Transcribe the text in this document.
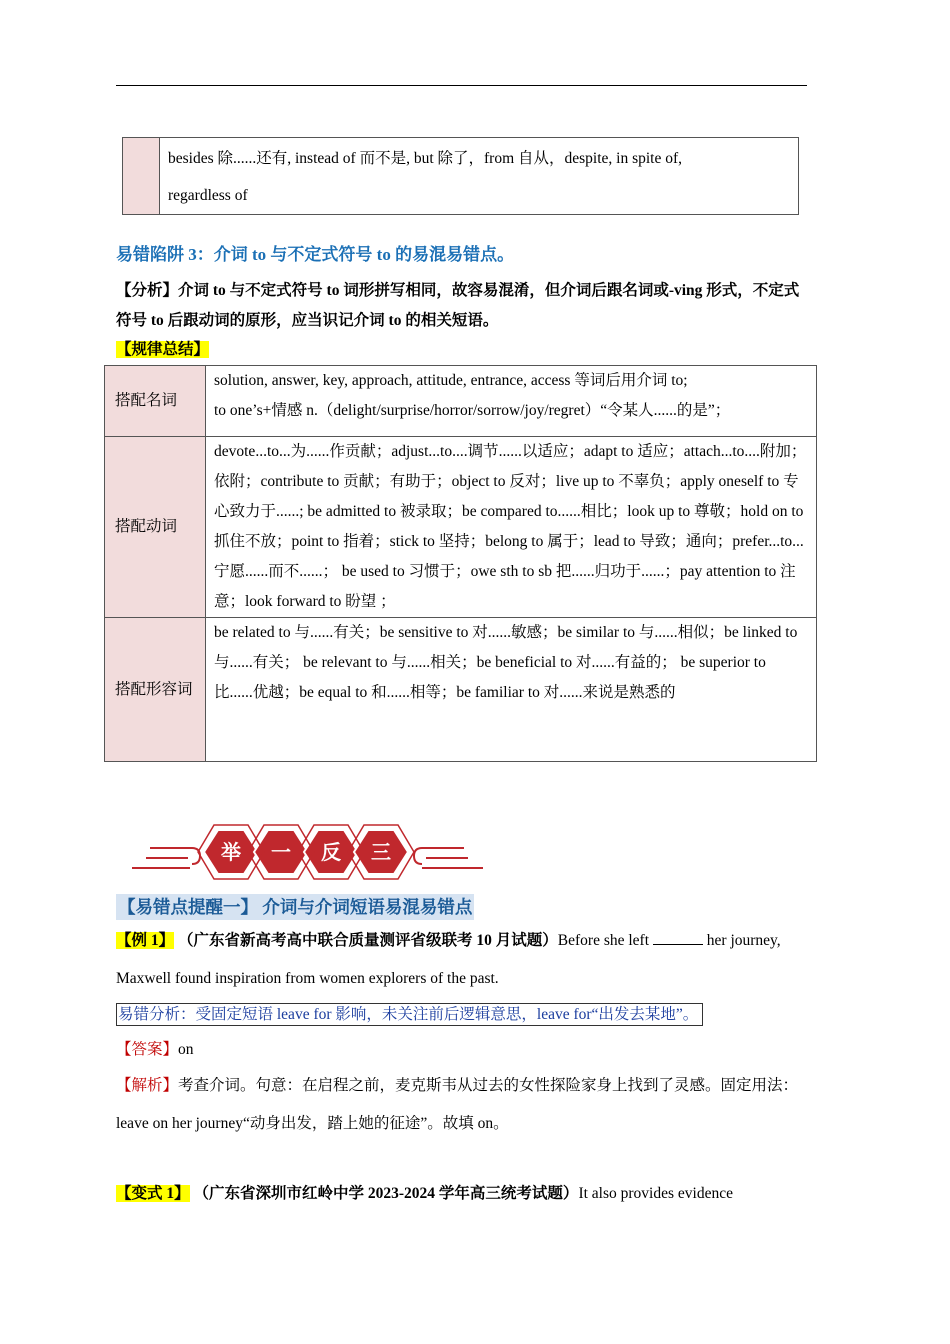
besides 除......还有, instead of 而不是, but 除了，from 自从，despite, in spite of,
regardless of
易错陷阱 3：介词 to 与不定式符号 to 的易混易错点。
【分析】介词 to 与不定式符号 to 词形拼写相同，故容易混淆，但介词后跟名词或-ving 形式，不定式符号 to 后跟动词的原形，应当识记介词 to 的相关短语。
【规律总结】
搭配名词	solution, answer, key, approach, attitude, entrance, access 等词后用介词 to;
to one’s+情感 n.（delight/surprise/horror/sorrow/joy/regret）“令某人......的是”；
搭配动词	devote...to...为......作贡献；adjust...to....调节......以适应；adapt to 适应；attach...to....附加；依附；contribute to 贡献；有助于；object to 反对；live up to 不辜负；apply oneself to 专心致力于......; be admitted to 被录取；be compared to......相比；look up to 尊敬；hold on to 抓住不放；point to 指着；stick to 坚持；belong to 属于；lead to 导致；通向；prefer...to...宁愿......而不......； be used to 习惯于；owe sth to sb 把......归功于......；pay attention to 注意；look forward to 盼望 ；
搭配形容词	be related to 与......有关；be sensitive to 对......敏感；be similar to 与......相似；be linked to 与......有关； be relevant to 与......相关；be beneficial to 对......有益的； be superior to 比......优越；be equal to 和......相等；be familiar to 对......来说是熟悉的
举 一 反 三
【易错点提醒一】 介词与介词短语易混易错点
【例 1】 （广东省新高考高中联合质量测评省级联考 10 月试题）Before she left	her journey, Maxwell found inspiration from women explorers of the past.
易错分析：受固定短语 leave for 影响，未关注前后逻辑意思，leave for“出发去某地”。
【答案】on
【解析】考查介词。句意：在启程之前，麦克斯韦从过去的女性探险家身上找到了灵感。固定用法：leave on her journey“动身出发，踏上她的征途”。故填 on。
【变式 1】 （广东省深圳市红岭中学 2023-2024 学年高三统考试题）It also provides evidence
